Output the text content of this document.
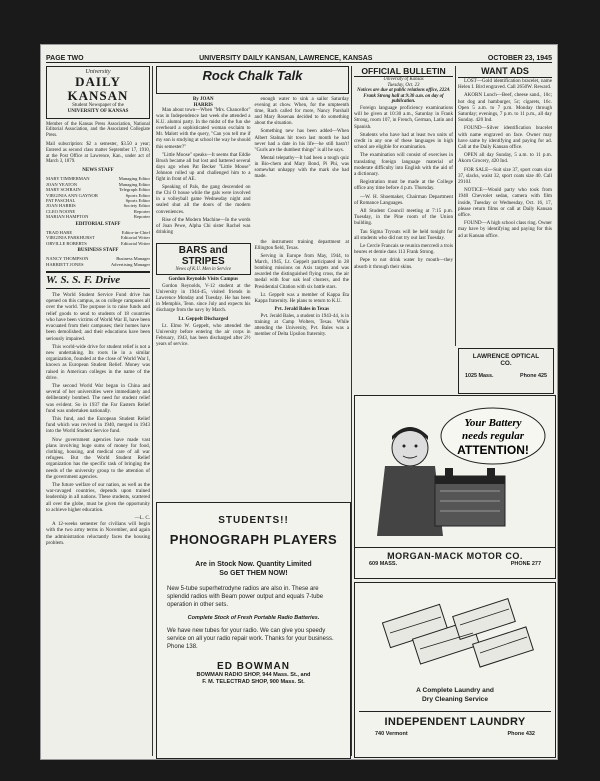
PAGE TWO	UNIVERSITY DAILY KANSAN, LAWRENCE, KANSAS	OCTOBER 23, 1945
University
DAILY KANSAN
Student Newspaper of the
UNIVERSITY OF KANSAS
Member of the Kansas Press Association, National Editorial Association, and the Associated Collegiate Press.
Mail subscription: $2 a semester, $3.50 a year; Entered as second class matter September 17, 1910, at the Post Office at Lawrence, Kan., under act of March 3, 1879.
NEWS STAFF
MARY TIMMERMAN	Managing Editor
JOAN YEATON	Managing Editor
MARY SCHRAIN	Telegraph Editor
VIRGINIA ANN GAYNOR	Sports Editor
PAT PASCHAL	Sports Editor
JOAN HARRIS	Society Editor
CLEO NOONE	Reporter
MARIAN HAMPTON	Reporter
EDITORIAL STAFF
TRAD HARE	Editor-in-Chief
VIRGINIA PARKHURST	Editorial Writer
ORVILLE ROBERTS	Editorial Writer
BUSINESS STAFF
NANCY THOMPSON	Business Manager
HARRIETT JONES	Advertising Manager
W. S. S. F. Drive

The World Student Service Fund drive has opened on this campus, as on college campuses all over the world. The purpose is to raise funds and relief goods to send to students of 18 countries who have been victims of World War II, have been evacuated from their campuses; their homes have been demolished; and their educations have been seriously impaired.

This world-wide drive for student relief is not a new undertaking. Its roots lie in a similar organization, founded at the close of World War I, known as European Student Relief. Money was raised in American colleges in the name of the drive.

The second World War began in China and several of her universities were immediately and deliberately bombed. The need for student relief was evident. So in 1937 the Far Eastern Relief fund was undertaken nationally.

This fund, and the European Student Relief fund which was revived in 1940, merged in 1943 into the World Student Service fund.

Now government agencies have made vast plans involving huge sums of money for food, clothing, housing, and medical care of all war refugees. But the World Student Relief organization has the specific task of bringing the needs of the university group to the attention of the government agencies.

The future welfare of our nation, as well as the war-ravaged countries, depends upon trained leadership in all nations. These students, scattered all over the globe, must be given the opportunity to achieve higher education.

—L. C.

A 12-weeks semester for civilians will begin with the two army terms in November, and again the administration reluctantly faces the housing problem.

Rock Chalk Talk
By JOAN
HARRIS

Man about town—When "Mrs. Chancellor" was in Independence last week she attended a K.U. alumni party. In the midst of the fun she overheard a sophisticated woman exclaim to Mr. Malott with the query, "Can you tell me if my son is studying at school the way he should this semester?"

"Little Moose" speaks—It seems that Eddie Brush became all but lost and battered several days ago when Pat Becker "Little Moose" Johnson rolled up and challenged him to a fight in front of AE.

Speaking of Pals, the gang descended on the Chi O house while the gals were involved in a volleyball game Wednesday night and sealed shut all the doors of the modern conveniences.

Rise of the Modern Machine—In the words of Joan Pewe, Alpha Chi sister Rachel was drinking

enough water to sink a sailor Saturday evening at chow. When, for the umpteenth time, Rach called for more, Nancy Parshall and Mary Rosenau decided to do something about the situation.

Something new has been added—When Albert Stalnas hit town last month he had never had a date in his life—he still hasn't! "Gurls are the dumbest things" is all he says.

Mental telepathy—It had been a tough quiz in Bio-chem and Mary Bond, Pi Phi, was somewhat unhappy with the mark she had made.

BARS and STRIPES
News of K.U. Men in Service
Gordon Reynolds Visits Campus

Gordon Reynolds, V-12 student at the University in 1944-45, visited friends in Lawrence Monday and Tuesday. He has been in Memphis, Tenn. since July and expects his discharge from the navy by March.

Lt. Geppelt Discharged

Lt. Elmo W. Geppelt, who attended the University before entering the air corps in February, 1943, has been discharged after 2½ years of service.

the instrument training department at Ellington field, Texas.

Serving in Europe from May, 1944, to March, 1945, Lt. Geppelt participated in 28 bombing missions on Axis targets and was awarded the distinguished flying cross, the air medal with four oak leaf clusters, and the Presidential Citation with six battle stars.

Lt. Geppelt was a member of Kappa Eta Kappa fraternity. He plans to return to K.U.

Pvt. Jerald Bales in Texas

Pvt. Jerald Bales, a student in 1943-44, is in training at Camp Wolters, Texas. While attending the University, Pvt. Bales was a member of Delta Upsilon fraternity.

STUDENTS!!
PHONOGRAPH PLAYERS
Are in Stock Now. Quantity Limited
So GET THEM NOW!
New 5-tube superhetrodyne radios are also in. These are splendid radios with Beam power output and equals 7-tube operation in other sets.
Complete Stock of Fresh Portable Radio Batteries.
We have new tubes for your radio. We can give you speedy service on all your radio repair work. Thanks for your business. Phone 138.
ED BOWMAN
BOWMAN RADIO SHOP, 944 Mass. St., and
F. M. TELECTRAD SHOP, 900 Mass. St.
OFFICIAL BULLETIN
University of Kansas
Tuesday, Oct. 23
Notices are due at public relations office, 222A Frank Strong hall at 9:30 a.m. on day of publication.

Foreign language proficiency examinations will be given at 10:30 a.m., Saturday in Frank Strong, room 107, in French, German, Latin and Spanish.

Students who have had at least two units of credit in any one of these languages in high school are eligible for examination.

The examination will consist of exercises in translating foreign language material of moderate difficulty into English with the aid of a dictionary.

Registration must be made at the College office any time before 4 p.m. Thursday.

—W. H. Shoemaker, Chairman Department of Romance Languages.

All Student Council meeting at 7:15 p.m. Tuesday, in the Pine room of the Union building.

Tau Sigma Tryouts will be held tonight for all students who did not try out last Tuesday.

Le Cercle Francais se reunira mercredi a trois heures et demie dans 113 Frank Strong.

Pepe to not drink water by mouth—they absorb it through their skins.

WANT ADS

LOST—Gold identification bracelet, name Helen I. Bird engraved. Call 2650W. Reward.

AKORN Lunch—Beef, cheese sand., 10c; hot dog and hamburger, 5c; cigarets, 16c. Open 5 a.m. to 7 p.m. Monday through Saturday; evenings, 7 p.m. to 11 p.m., all day Sunday. 420 Ind.

FOUND—Silver identification bracelet with name engraved on face. Owner may have same by identifying and paying for ad. Call at the Daily Kansan office.

OPEN all day Sunday, 5 a.m. to 11 p.m. Akorn Grocery, 420 Ind.

FOR SALE—Suit size 37, sport coats size 37, slacks, waist 32, sport coats size 40. Call 2910J.

NOTICE—Would party who took from 1940 Chevrolet sedan, camera with film inside, Tuesday or Wednesday, Oct. 16, 17, please return films or call at Daily Kansan office.

FOUND—A high school class ring. Owner may have by identifying and paying for this ad at Kansan office.

LAWRENCE OPTICAL
CO.
1025 Mass.	Phone 425
Your Battery
needs regular
ATTENTION!
MORGAN-MACK MOTOR CO.
609 MASS.	PHONE 277
A Complete Laundry and
Dry Cleaning Service
INDEPENDENT LAUNDRY
740 Vermont	Phone 432
